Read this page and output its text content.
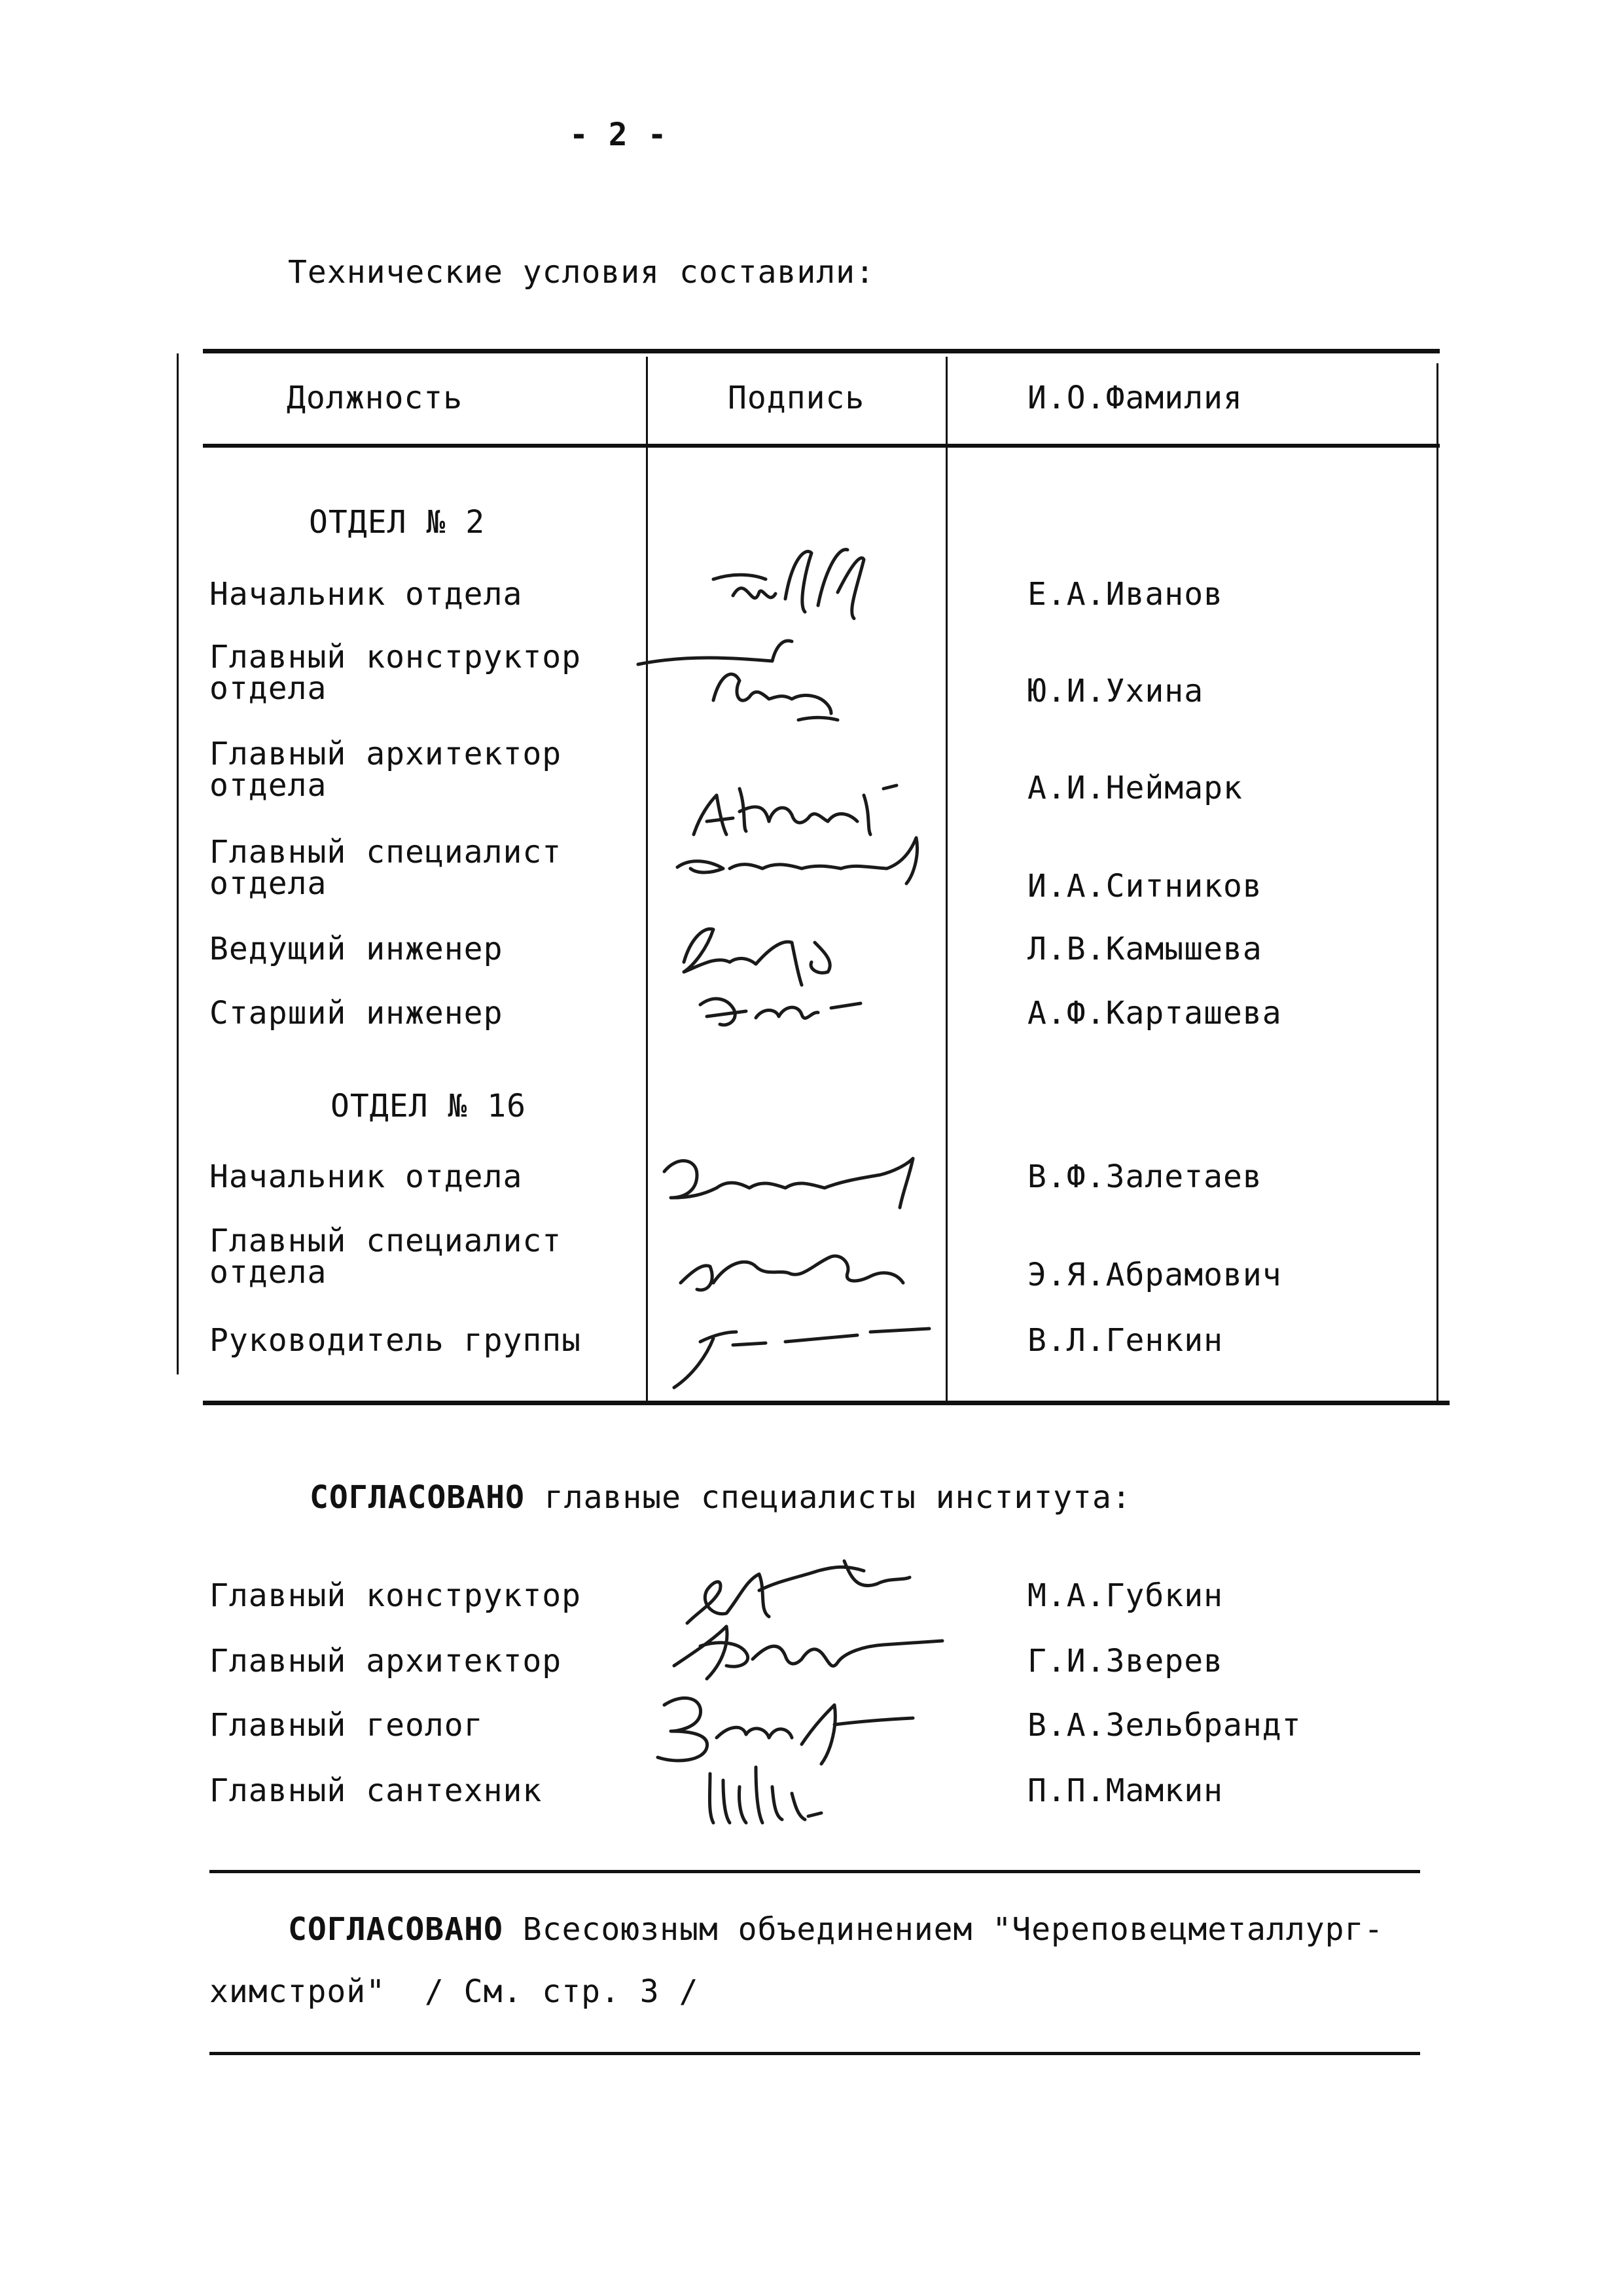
- 2 -
Технические условия составили:
Должность	Подпись	И.О.Фамилия
ОТДЕЛ № 2
Начальник отдела	Е.А.Иванов
Главный конструктор
отдела	Ю.И.Ухина
Главный архитектор
отдела	А.И.Неймарк
Главный специалист
отдела	И.А.Ситников
Ведущий инженер	Л.В.Камышева
Старший инженер	А.Ф.Карташева
ОТДЕЛ № 16
Начальник отдела	В.Ф.Залетаев
Главный специалист
отдела	Э.Я.Абрамович
Руководитель группы	В.Л.Генкин
СОГЛАСОВАНО главные специалисты института:
Главный конструктор	М.А.Губкин
Главный архитектор	Г.И.Зверев
Главный геолог	В.А.Зельбрандт
Главный сантехник	П.П.Мамкин
СОГЛАСОВАНО Всесоюзным объединением "Череповецметаллург-
химстрой"  / См. стр. 3 /
